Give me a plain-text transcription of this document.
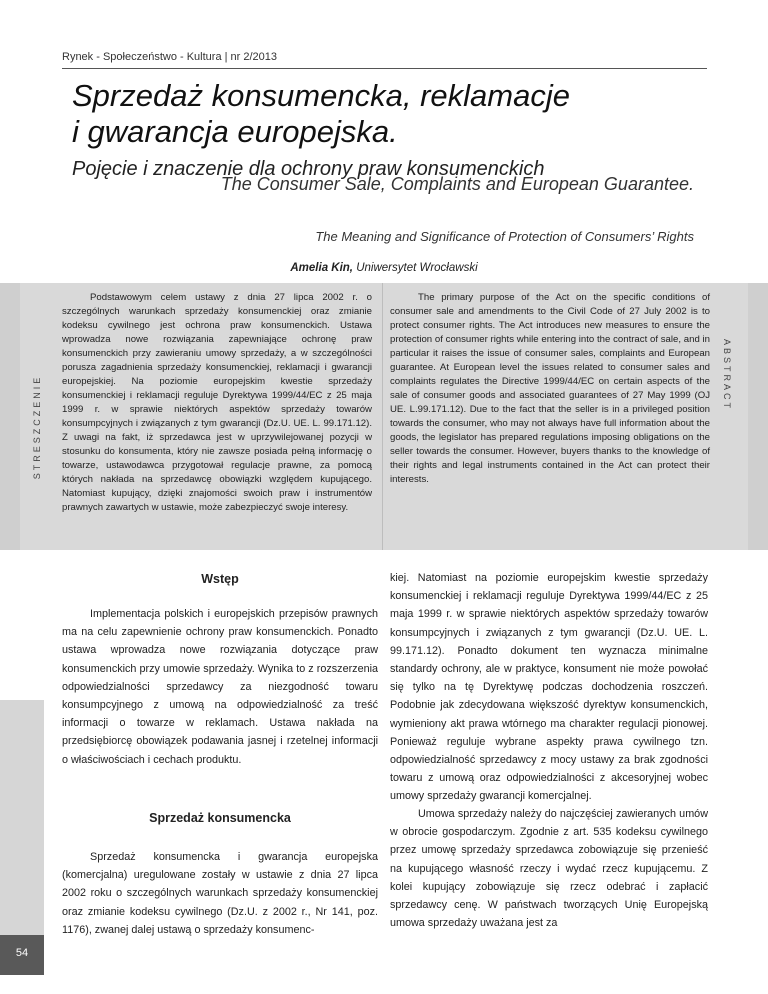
Rynek - Społeczeństwo - Kultura | nr 2/2013
Sprzedaż konsumencka, reklamacje
i gwarancja europejska.
Pojęcie i znaczenie dla ochrony praw konsumenckich
The Consumer Sale, Complaints and European Guarantee.
The Meaning and Significance of Protection of Consumers’ Rights
Amelia Kin, Uniwersytet Wrocławski
STRESZCZENIE	ABSTRACT

Podstawowym celem ustawy z dnia 27 lipca 2002 r. o szczególnych warunkach sprzedaży konsumenckiej oraz zmianie kodeksu cywilnego jest ochrona praw konsumenckich. Ustawa wprowadza nowe rozwiązania zapewniające ochronę praw konsumenckich przy zawieraniu umowy sprzedaży, a w szczególności porusza zagadnienia sprzedaży konsumenckiej, reklamacji i gwarancji europejskiej. Na poziomie europejskim kwestie sprzedaży konsumenckiej i reklamacji reguluje Dyrektywa 1999/44/EC z 25 maja 1999 r. w sprawie niektórych aspektów sprzedaży towarów konsumpcyjnych i związanych z tym gwarancji (Dz.U. UE. L. 99.171.12). Z uwagi na fakt, iż sprzedawca jest w uprzywilejowanej pozycji w stosunku do konsumenta, który nie zawsze posiada pełną informację o towarze, ustawodawca przygotował regulacje prawne, za pomocą których nakłada na sprzedawcę obowiązki względem kupującego. Natomiast kupujący, dzięki znajomości swoich praw i instrumentów prawnych zawartych w ustawie, może zabezpieczyć swoje interesy.

The primary purpose of the Act on the specific conditions of consumer sale and amendments to the Civil Code of 27 July 2002 is to protect consumer rights. The Act introduces new measures to ensure the protection of consumer rights while entering into the contract of sale, and in particular it raises the issue of consumer sales, complaints and European guarantee. At European level the issues related to consumer sales and complaints regulates the Directive 1999/44/EC on certain aspects of the sale of consumer goods and associated guarantees of 27 May 1999 (OJ UE. L.99.171.12). Due to the fact that the seller is in a privileged position towards the consumer, who may not always have full information about the goods, the legislator has prepared regulations imposing obligations on the seller towards the consumer. However, buyers thanks to the knowledge of their rights and legal instruments contained in the Act can protect their interests.

Wstęp

Implementacja polskich i europejskich przepisów prawnych ma na celu zapewnienie ochrony praw konsumenckich. Ponadto ustawa wprowadza nowe rozwiązania dotyczące praw konsumenckich przy umowie sprzedaży. Wynika to z rozszerzenia odpowiedzialności sprzedawcy za niezgodność towaru konsumpcyjnego z umową na odpowiedzialność za treść informacji o towarze w reklamach. Ustawa nakłada na przedsiębiorcę obowiązek podawania jasnej i rzetelnej informacji o właściwościach i cechach produktu.

Sprzedaż konsumencka

Sprzedaż konsumencka i gwarancja europejska (komercjalna) uregulowane zostały w ustawie z dnia 27 lipca 2002 roku o szczególnych warunkach sprzedaży konsumenckiej oraz zmianie kodeksu cywilnego (Dz.U. z 2002 r., Nr 141, poz. 1176), zwanej dalej ustawą o sprzedaży konsumenc-

kiej. Natomiast na poziomie europejskim kwestie sprzedaży konsumenckiej i reklamacji reguluje Dyrektywa 1999/44/EC z 25 maja 1999 r. w sprawie niektórych aspektów sprzedaży towarów konsumpcyjnych i związanych z tym gwarancji (Dz.U. UE. L. 99.171.12). Ponadto dokument ten wyznacza minimalne standardy ochrony, ale w praktyce, konsument nie może powołać się tylko na tę Dyrektywę podczas dochodzenia roszczeń. Podobnie jak zdecydowana większość dyrektyw konsumenckich, wymieniony akt prawa wtórnego ma charakter regulacji pionowej. Ponieważ reguluje wybrane aspekty prawa cywilnego tzn. odpowiedzialność sprzedawcy z mocy ustawy za brak zgodności towaru z umową oraz odpowiedzialności z akcesoryjnej wobec umowy sprzedaży gwarancji komercjalnej.

Umowa sprzedaży należy do najczęściej zawieranych umów w obrocie gospodarczym. Zgodnie z art. 535 kodeksu cywilnego przez umowę sprzedaży sprzedawca zobowiązuje się przenieść na kupującego własność rzeczy i wydać rzecz kupującemu. Z kolei kupujący zobowiązuje się rzecz odebrać i zapłacić sprzedawcy cenę. W państwach tworzących Unię Europejską umowa sprzedaży uważana jest za

54
